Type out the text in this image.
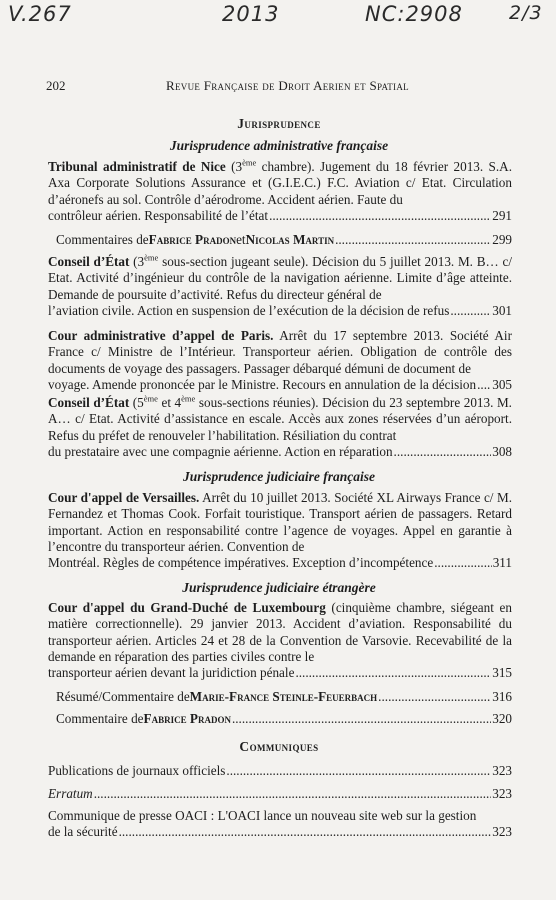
V.267	2013	NC:2908 2/3
202	Revue Française de Droit Aerien et Spatial
Jurisprudence
Jurisprudence administrative française
Tribunal administratif de Nice (3ème chambre). Jugement du 18 février 2013. S.A. Axa Corporate Solutions Assurance et (G.I.E.C.) F.C. Aviation c/ Etat. Circulation d’aéronefs au sol. Contrôle d’aérodrome. Accident aérien. Faute du
contrôleur aérien. Responsabilité de l’état .....	291
Commentaires de Fabrice Pradon et Nicolas Martin .....	299
Conseil d’État (3ème sous-section jugeant seule). Décision du 5 juillet 2013. M. B… c/ Etat. Activité d’ingénieur du contrôle de la navigation aérienne. Limite d’âge atteinte. Demande de poursuite d’activité. Refus du directeur général de
l’aviation civile. Action en suspension de l’exécution de la décision de refus .....	301
Cour administrative d’appel de Paris. Arrêt du 17 septembre 2013. Société Air France c/ Ministre de l’Intérieur. Transporteur aérien. Obligation de contrôle des documents de voyage des passagers. Passager débarqué démuni de document de
voyage. Amende prononcée par le Ministre. Recours en annulation de la décision ..... 305
Conseil d’État (5ème et 4ème sous-sections réunies). Décision du 23 septembre 2013. M. A… c/ Etat. Activité d’assistance en escale. Accès aux zones réservées d’un aéroport. Refus du préfet de renouveler l’habilitation. Résiliation du contrat
du prestataire avec une compagnie aérienne. Action en réparation .....	308
Jurisprudence judiciaire française
Cour d'appel de Versailles. Arrêt du 10 juillet 2013. Société XL Airways France c/ M. Fernandez et Thomas Cook. Forfait touristique. Transport aérien de passagers. Retard important. Action en responsabilité contre l’agence de voyages. Appel en garantie à l’encontre du transporteur aérien. Convention de
Montréal. Règles de compétence impératives. Exception d’incompétence .....	311
Jurisprudence judiciaire étrangère
Cour d'appel du Grand-Duché de Luxembourg (cinquième chambre, siégeant en matière correctionnelle). 29 janvier 2013. Accident d’aviation. Responsabilité du transporteur aérien. Articles 24 et 28 de la Convention de Varsovie. Recevabilité de la demande en réparation des parties civiles contre le
transporteur aérien devant la juridiction pénale .....	315
Résumé/Commentaire de Marie-France Steinle-Feuerbach .....	316
Commentaire de Fabrice Pradon .....	320
Communiques
Publications de journaux officiels .....	323
Erratum .....	323
Communique de presse OACI : L'OACI lance un nouveau site web sur la gestion
de la sécurité .....	323
